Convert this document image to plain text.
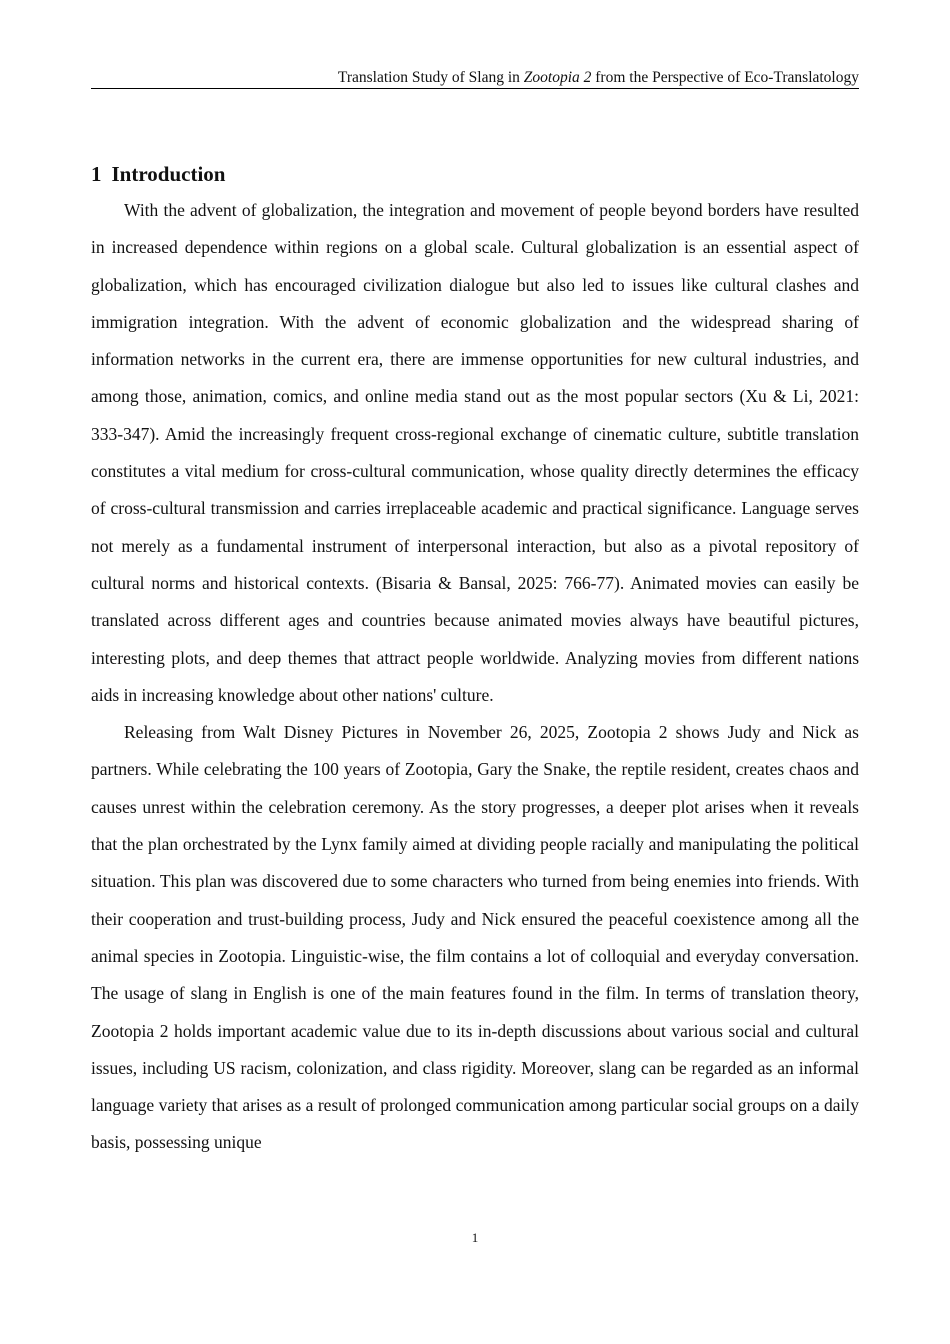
Translation Study of Slang in Zootopia 2 from the Perspective of Eco-Translatology
1 Introduction

With the advent of globalization, the integration and movement of people beyond borders have resulted in increased dependence within regions on a global scale. Cultural globalization is an essential aspect of globalization, which has encouraged civilization dialogue but also led to issues like cultural clashes and immigration integration. With the advent of economic globalization and the widespread sharing of information networks in the current era, there are immense opportunities for new cultural industries, and among those, animation, comics, and online media stand out as the most popular sectors (Xu & Li, 2021: 333-347). Amid the increasingly frequent cross-regional exchange of cinematic culture, subtitle translation constitutes a vital medium for cross-cultural communication, whose quality directly determines the efficacy of cross-cultural transmission and carries irreplaceable academic and practical significance. Language serves not merely as a fundamental instrument of interpersonal interaction, but also as a pivotal repository of cultural norms and historical contexts. (Bisaria & Bansal, 2025: 766-77). Animated movies can easily be translated across different ages and countries because animated movies always have beautiful pictures, interesting plots, and deep themes that attract people worldwide. Analyzing movies from different nations aids in increasing knowledge about other nations' culture.

Releasing from Walt Disney Pictures in November 26, 2025, Zootopia 2 shows Judy and Nick as partners. While celebrating the 100 years of Zootopia, Gary the Snake, the reptile resident, creates chaos and causes unrest within the celebration ceremony. As the story progresses, a deeper plot arises when it reveals that the plan orchestrated by the Lynx family aimed at dividing people racially and manipulating the political situation. This plan was discovered due to some characters who turned from being enemies into friends. With their cooperation and trust-building process, Judy and Nick ensured the peaceful coexistence among all the animal species in Zootopia. Linguistic-wise, the film contains a lot of colloquial and everyday conversation. The usage of slang in English is one of the main features found in the film. In terms of translation theory, Zootopia 2 holds important academic value due to its in-depth discussions about various social and cultural issues, including US racism, colonization, and class rigidity. Moreover, slang can be regarded as an informal language variety that arises as a result of prolonged communication among particular social groups on a daily basis, possessing unique

1
